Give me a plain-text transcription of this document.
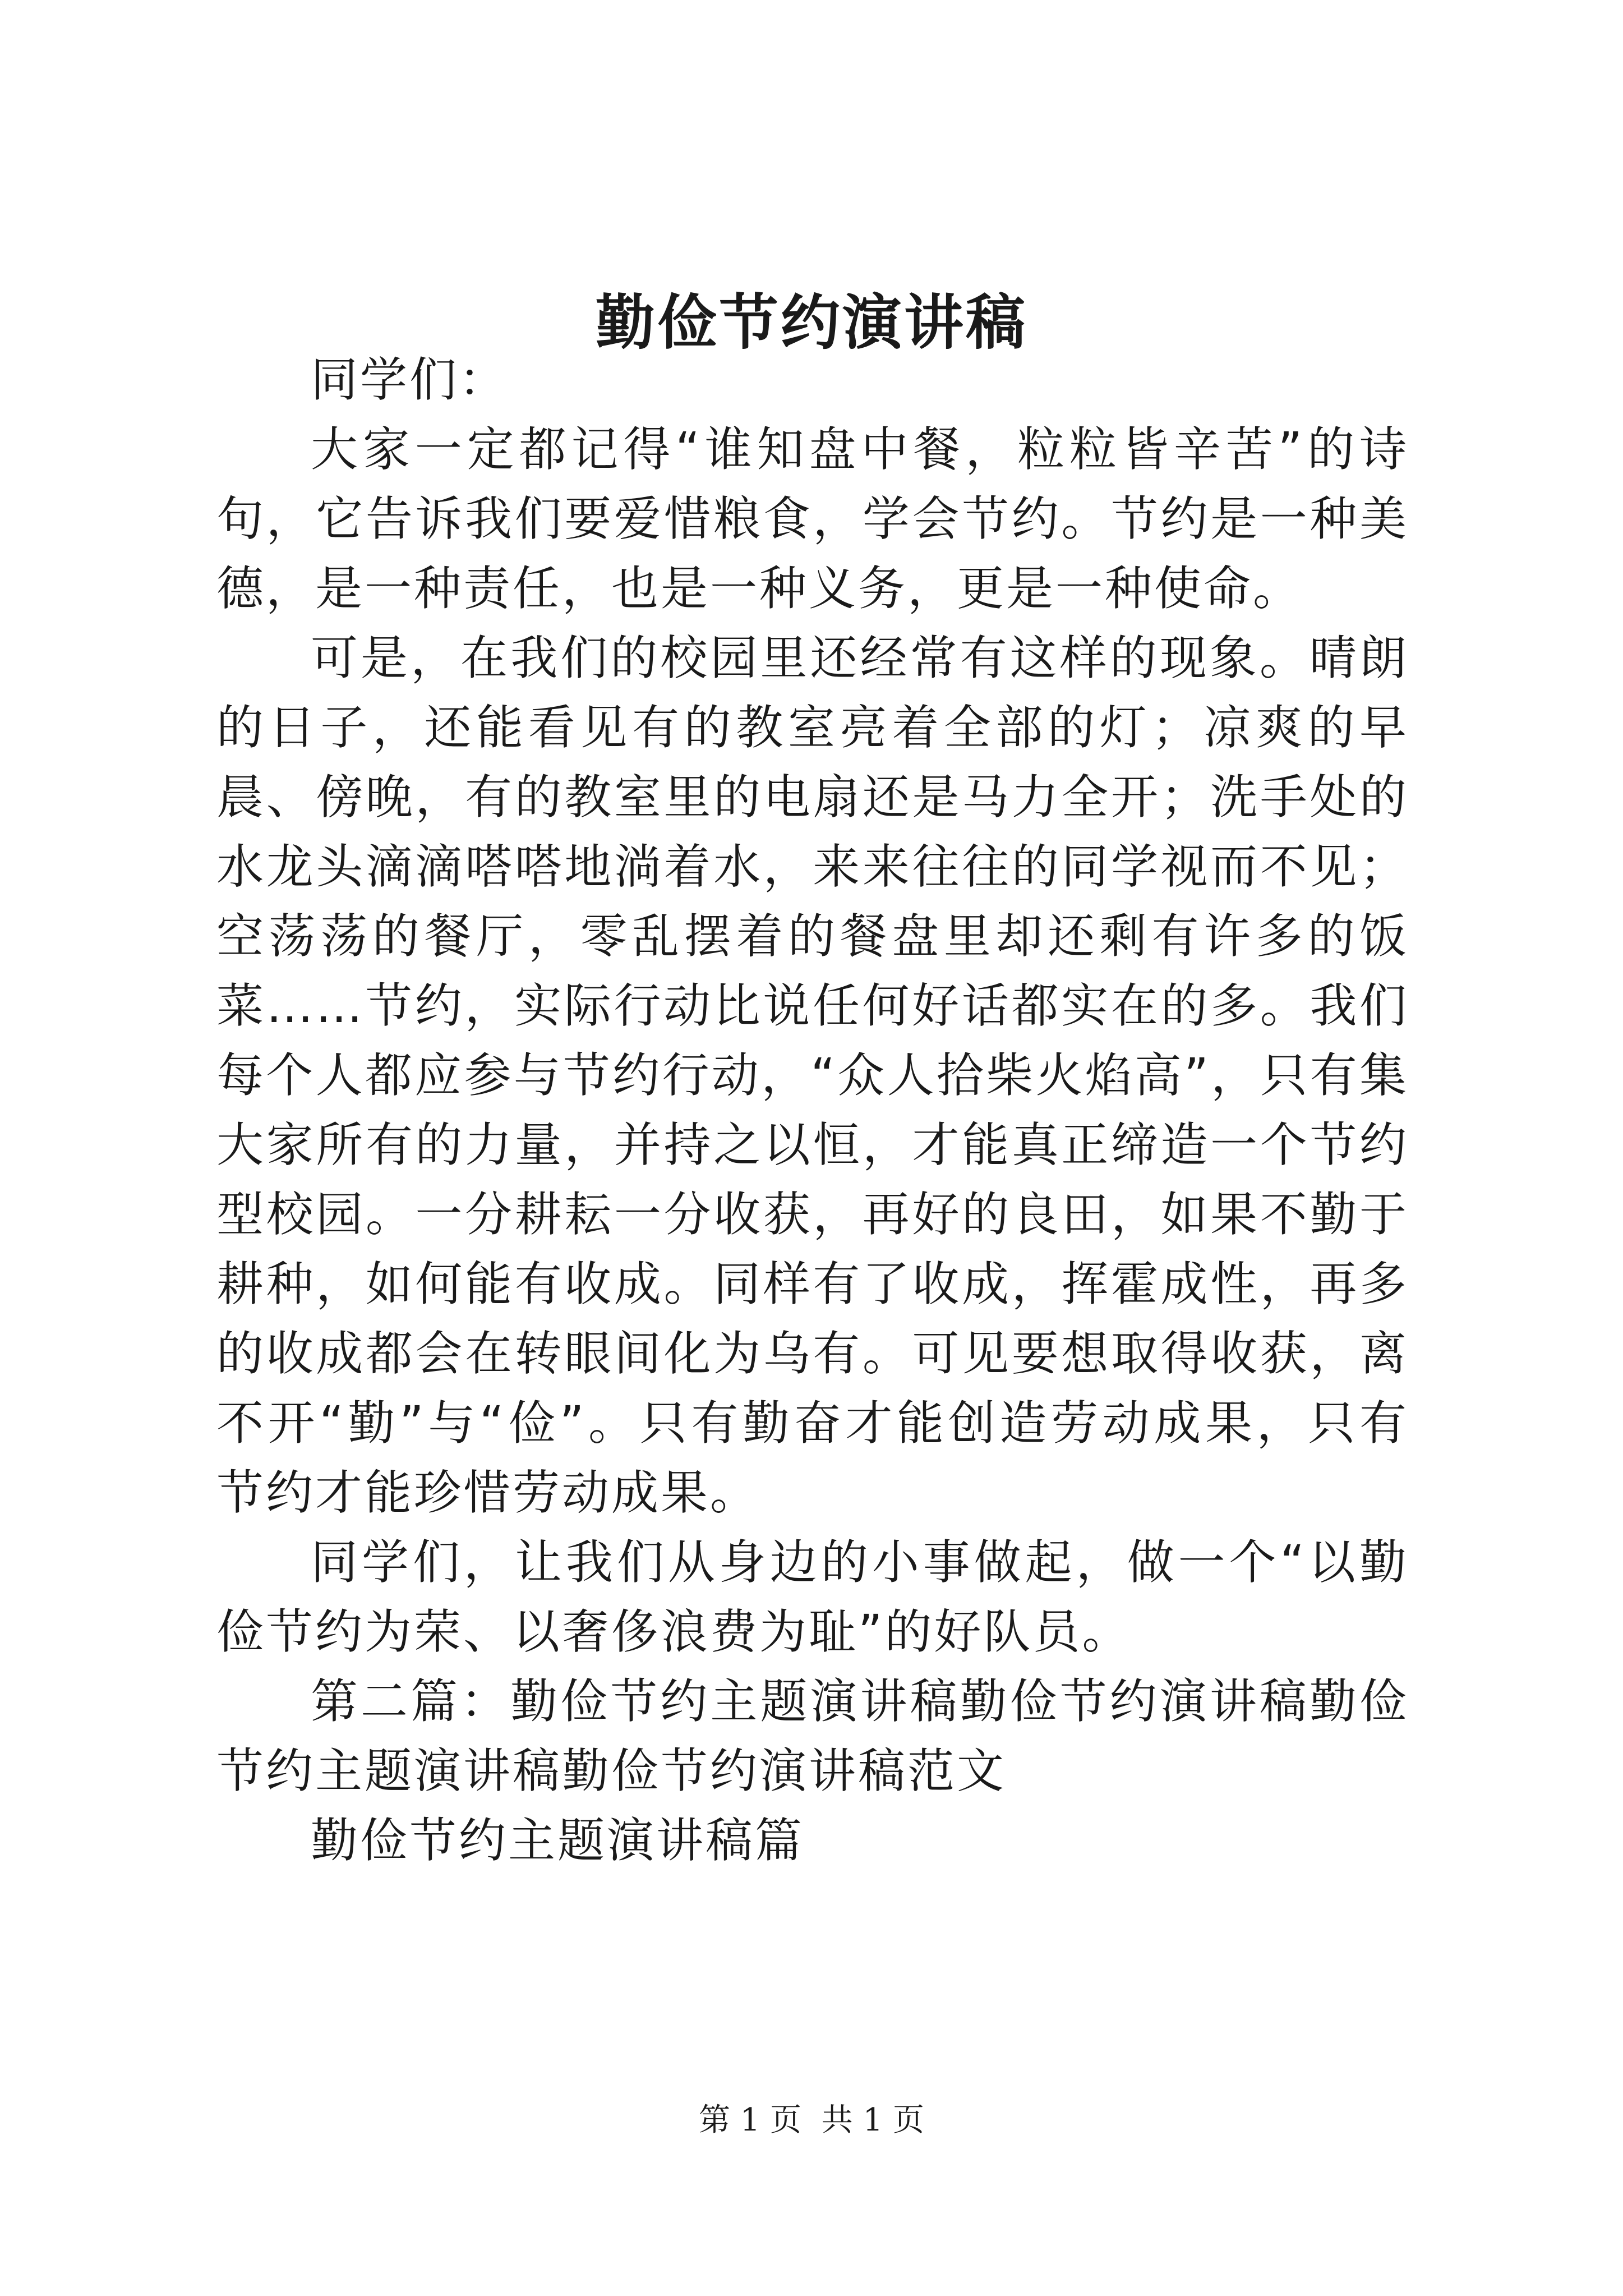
勤俭节约演讲稿

同学们：

大家一定都记得“谁知盘中餐，粒粒皆辛苦”的诗句，它告诉我们要爱惜粮食，学会节约。节约是一种美德，是一种责任，也是一种义务，更是一种使命。

可是，在我们的校园里还经常有这样的现象。晴朗的日子，还能看见有的教室亮着全部的灯；凉爽的早晨、傍晚，有的教室里的电扇还是马力全开；洗手处的水龙头滴滴嗒嗒地淌着水，来来往往的同学视而不见；空荡荡的餐厅，零乱摆着的餐盘里却还剩有许多的饭菜……节约，实际行动比说任何好话都实在的多。我们每个人都应参与节约行动，“众人拾柴火焰高”，只有集大家所有的力量，并持之以恒，才能真正缔造一个节约型校园。一分耕耘一分收获，再好的良田，如果不勤于耕种，如何能有收成。同样有了收成，挥霍成性，再多的收成都会在转眼间化为乌有。可见要想取得收获，离不开“勤”与“俭”。只有勤奋才能创造劳动成果，只有节约才能珍惜劳动成果。

同学们，让我们从身边的小事做起，做一个“以勤俭节约为荣、以奢侈浪费为耻”的好队员。

第二篇：勤俭节约主题演讲稿勤俭节约演讲稿勤俭节约主题演讲稿勤俭节约演讲稿范文

勤俭节约主题演讲稿篇

第 1 页 共 1 页
